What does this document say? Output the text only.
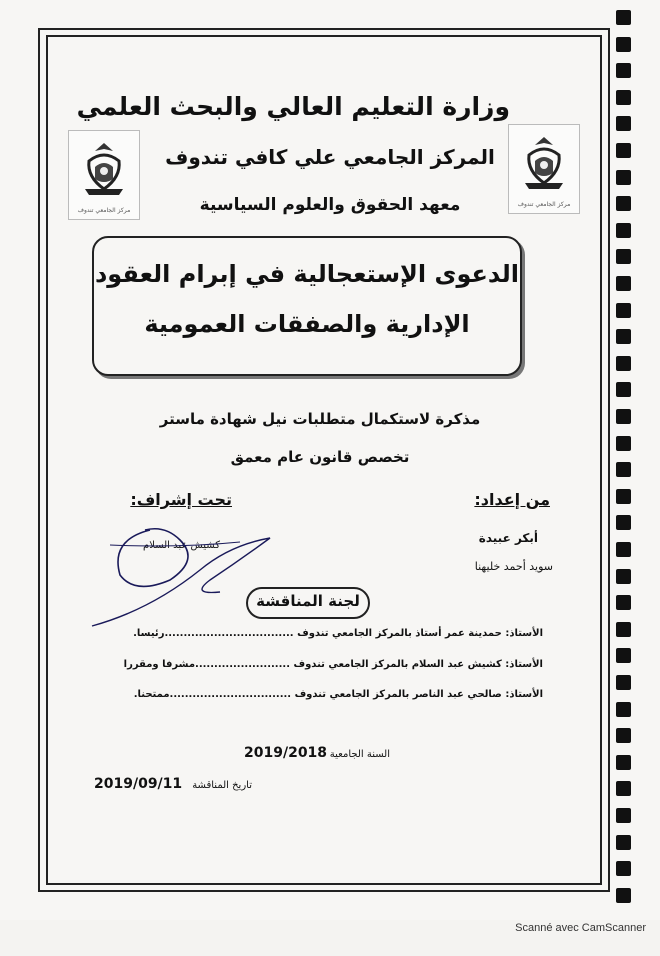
مركز الجامعي تندوف
مركز الجامعي تندوف
وزارة التعليم العالي والبحث العلمي
المركز الجامعي علي كافي تندوف
معهد الحقوق والعلوم السياسية
الدعوى الإستعجالية في إبرام العقود
الإدارية والصفقات العمومية
مذكرة لاستكمال متطلبات نيل شهادة ماستر
تخصص قانون عام معمق
من إعداد:
أبكر عبيدة
سويد أحمد خليهنا
تحت إشراف:
كشيش عبد السلام
لجنة المناقشة
الأستاذ: حمدينة عمر أستاذ بالمركز الجامعي تندوف ..................................رئيسا.
الأستاذ: كشيش عبد السلام بالمركز الجامعي تندوف .........................مشرفا ومقررا
الأستاذ: صالحي عبد الناصر بالمركز الجامعي تندوف ................................ممتحنا.
السنة الجامعية
2019/2018
تاريخ المناقشة
2019/09/11
Scanné avec CamScanner
